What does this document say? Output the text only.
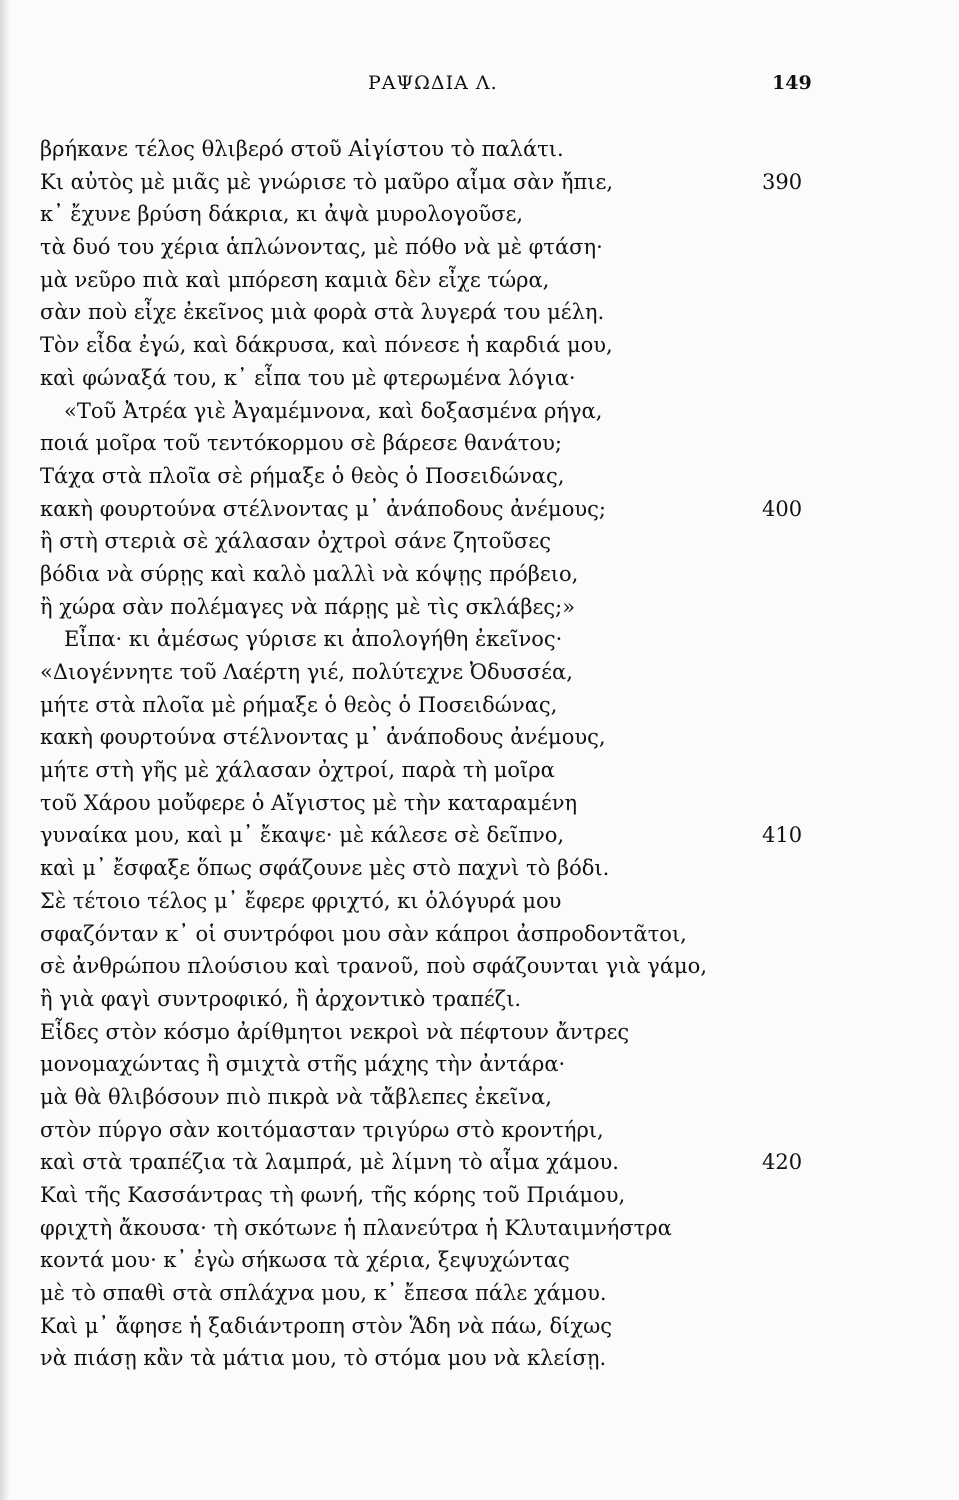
ΡΑΨΩΔΙΑ Λ.	149
βρήκανε τέλος θλιβερό στοῦ Αἰγίστου τὸ παλάτι.
Κι αὐτὸς μὲ μιᾶς μὲ γνώρισε τὸ μαῦρο αἷμα σὰν ἤπιε,	390
κ᾽ ἔχυνε βρύση δάκρια, κι ἀψὰ μυρολογοῦσε,
τὰ δυό του χέρια ἁπλώνοντας, μὲ πόθο νὰ μὲ φτάση·
μὰ νεῦρο πιὰ καὶ μπόρεση καμιὰ δὲν εἶχε τώρα,
σὰν ποὺ εἶχε ἐκεῖνος μιὰ φορὰ στὰ λυγερά του μέλη.
Τὸν εἶδα ἐγώ, καὶ δάκρυσα, καὶ πόνεσε ἡ καρδιά μου,
καὶ φώναξά του, κ᾽ εἶπα του μὲ φτερωμένα λόγια·
«Τοῦ Ἀτρέα γιὲ Ἀγαμέμνονα, καὶ δοξασμένα ρήγα,
ποιά μοῖρα τοῦ τεντόκορμου σὲ βάρεσε θανάτου;
Τάχα στὰ πλοῖα σὲ ρήμαξε ὁ θεὸς ὁ Ποσειδώνας,
κακὴ φουρτούνα στέλνοντας μ᾽ ἀνάποδους ἀνέμους;	400
ἢ στὴ στεριὰ σὲ χάλασαν ὀχτροὶ σάνε ζητοῦσες
βόδια νὰ σύρῃς καὶ καλὸ μαλλὶ νὰ κόψῃς πρόβειο,
ἢ χώρα σὰν πολέμαγες νὰ πάρῃς μὲ τὶς σκλάβες;»
Εἶπα· κι ἀμέσως γύρισε κι ἀπολογήθη ἐκεῖνος·
«Διογέννητε τοῦ Λαέρτη γιέ, πολύτεχνε Ὀδυσσέα,
μήτε στὰ πλοῖα μὲ ρήμαξε ὁ θεὸς ὁ Ποσειδώνας,
κακὴ φουρτούνα στέλνοντας μ᾽ ἀνάποδους ἀνέμους,
μήτε στὴ γῆς μὲ χάλασαν ὀχτροί, παρὰ τὴ μοῖρα
τοῦ Χάρου μοὔφερε ὁ Αἴγιστος μὲ τὴν καταραμένη
γυναίκα μου, καὶ μ᾽ ἔκαψε· μὲ κάλεσε σὲ δεῖπνο,	410
καὶ μ᾽ ἔσφαξε ὅπως σφάζουνε μὲς στὸ παχνὶ τὸ βόδι.
Σὲ τέτοιο τέλος μ᾽ ἔφερε φριχτό, κι ὁλόγυρά μου
σφαζόνταν κ᾽ οἱ συντρόφοι μου σὰν κάπροι ἀσπροδοντᾶτοι,
σὲ ἀνθρώπου πλούσιου καὶ τρανοῦ, ποὺ σφάζουνται γιὰ γάμο,
ἢ γιὰ φαγὶ συντροφικό, ἢ ἀρχοντικὸ τραπέζι.
Εἶδες στὸν κόσμο ἀρίθμητοι νεκροὶ νὰ πέφτουν ἄντρες
μονομαχώντας ἢ σμιχτὰ στῆς μάχης τὴν ἀντάρα·
μὰ θὰ θλιβόσουν πιὸ πικρὰ νὰ τἄβλεπες ἐκεῖνα,
στὸν πύργο σὰν κοιτόμασταν τριγύρω στὸ κροντήρι,
καὶ στὰ τραπέζια τὰ λαμπρά, μὲ λίμνη τὸ αἷμα χάμου.	420
Καὶ τῆς Κασσάντρας τὴ φωνή, τῆς κόρης τοῦ Πριάμου,
φριχτὴ ἄκουσα· τὴ σκότωνε ἡ πλανεύτρα ἡ Κλυταιμνήστρα
κοντά μου· κ᾽ ἐγὼ σήκωσα τὰ χέρια, ξεψυχώντας
μὲ τὸ σπαθὶ στὰ σπλάχνα μου, κ᾽ ἔπεσα πάλε χάμου.
Καὶ μ᾽ ἄφησε ἡ ξαδιάντροπη στὸν Ἅδη νὰ πάω, δίχως
νὰ πιάσῃ κἂν τὰ μάτια μου, τὸ στόμα μου νὰ κλείσῃ.
